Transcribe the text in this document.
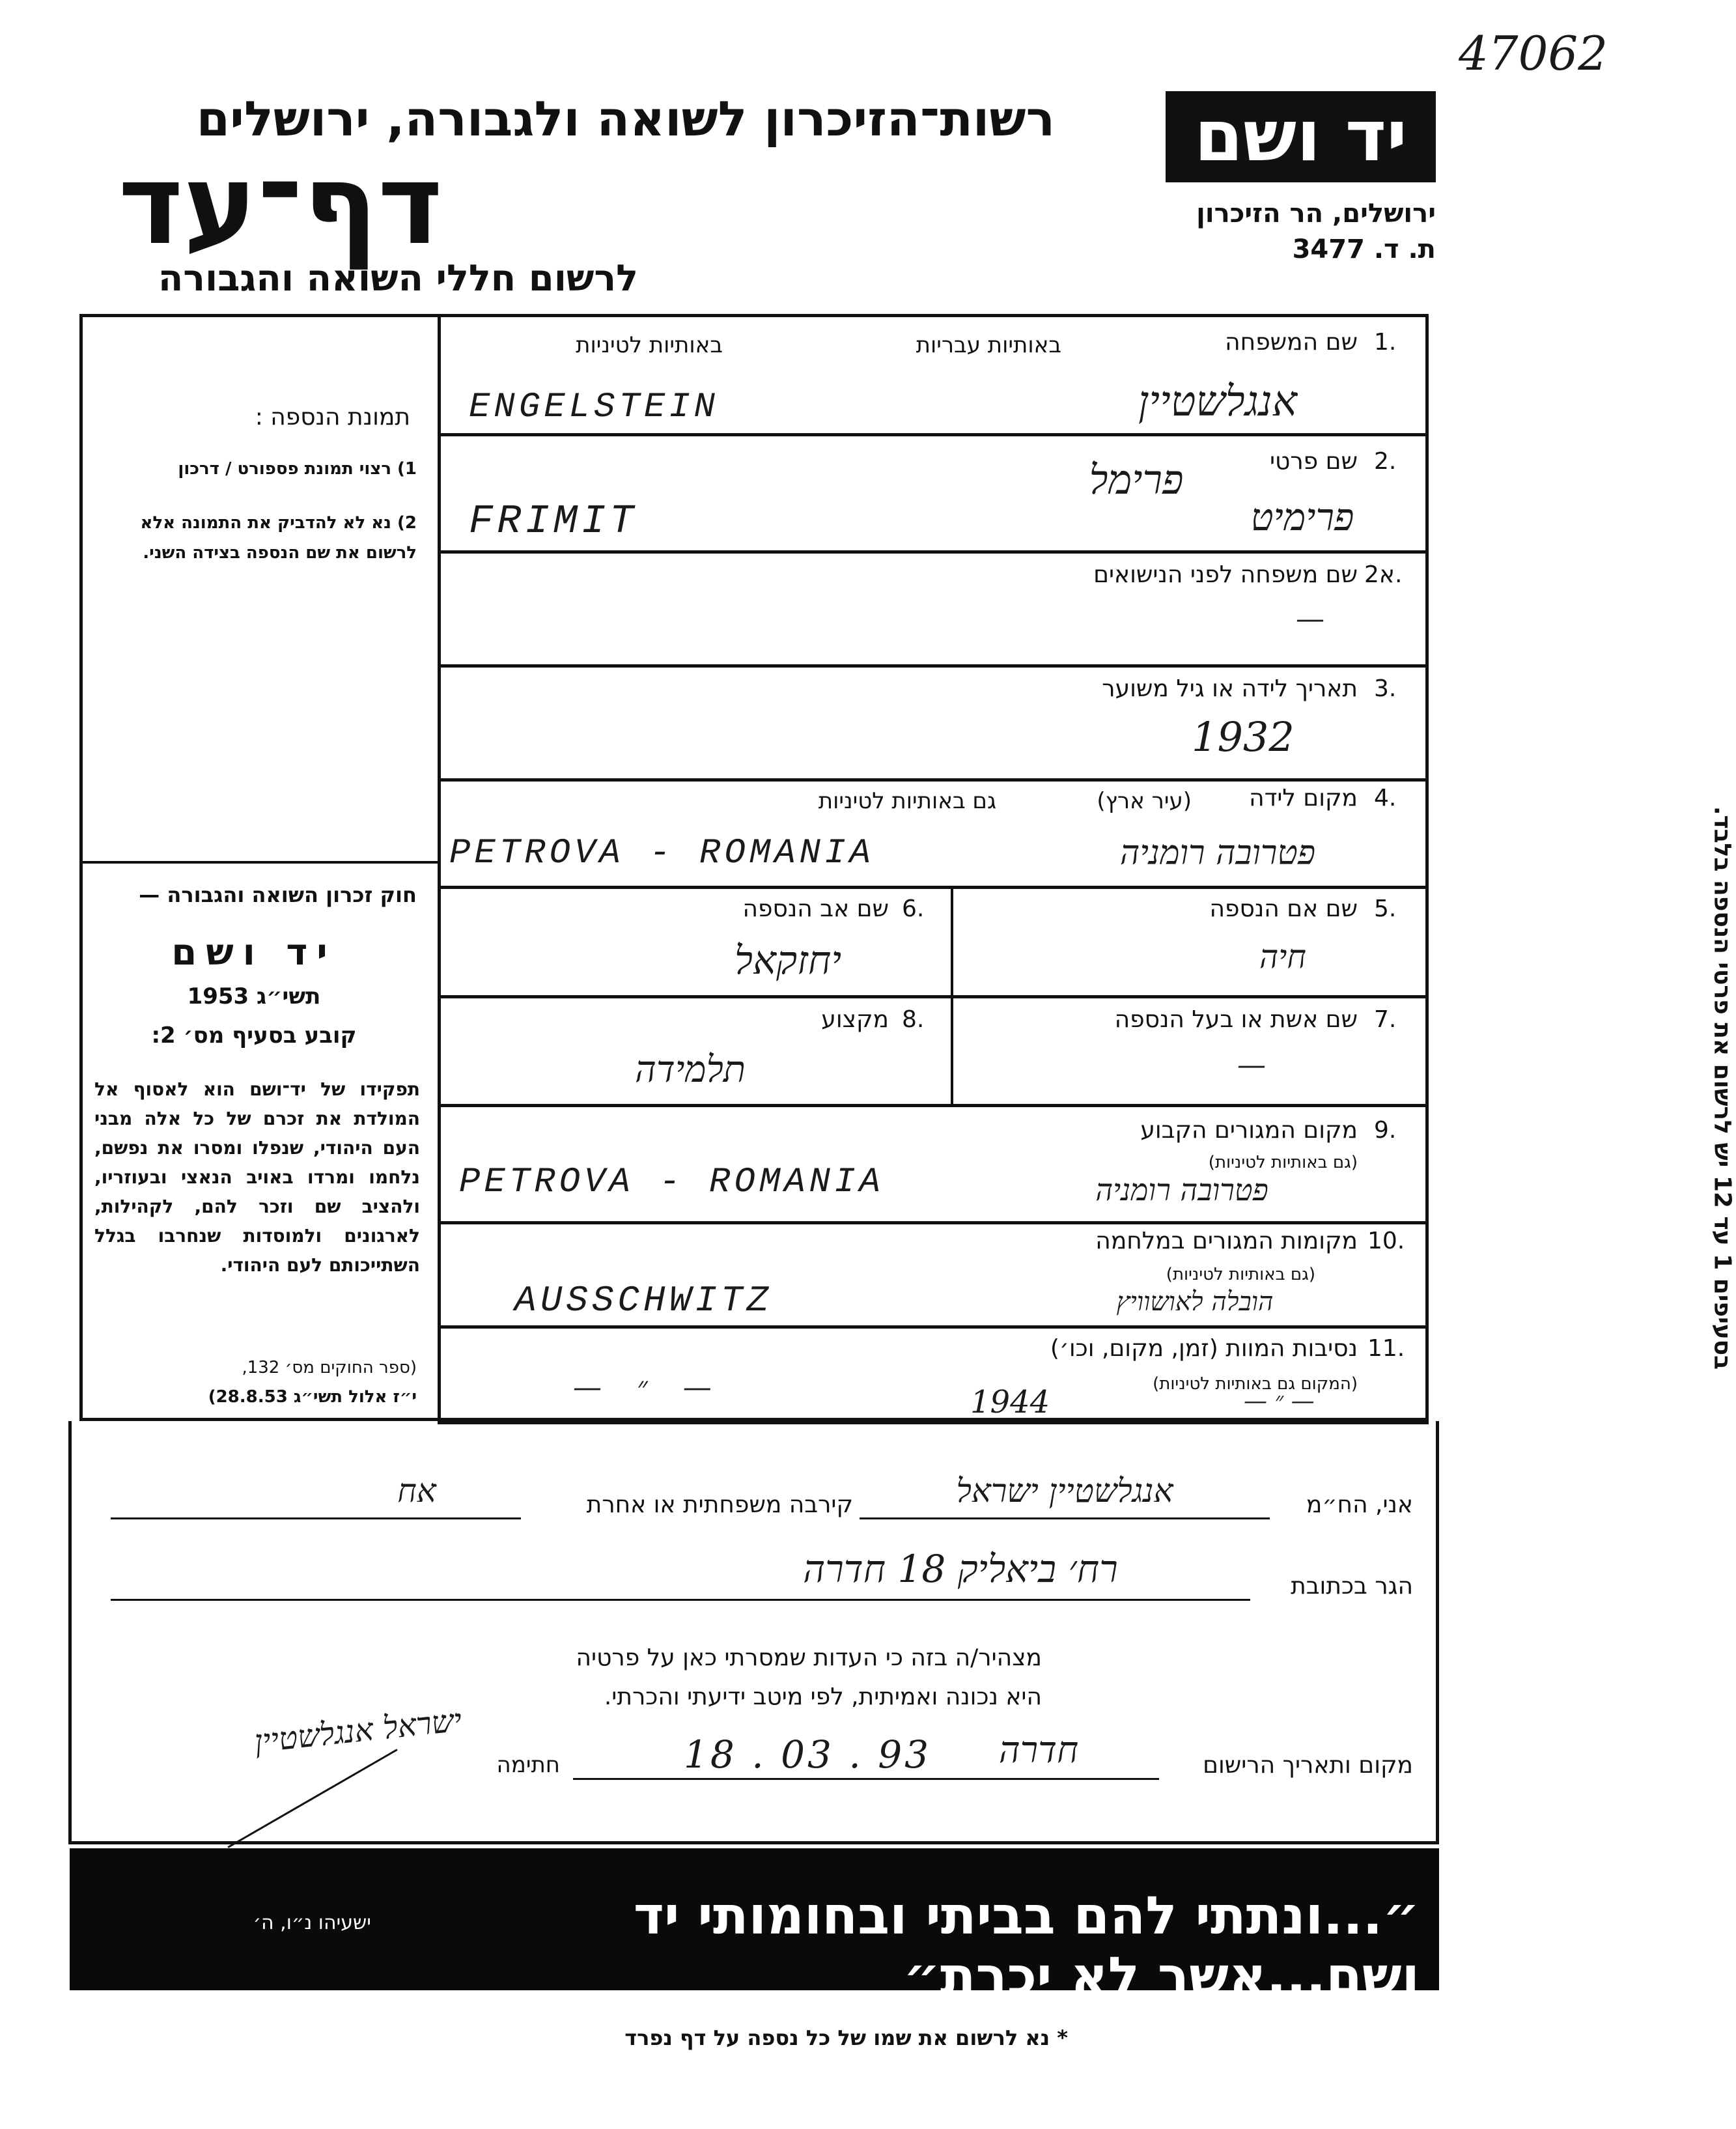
47062
יד ושם
ירושלים, הר הזיכרון
ת. ד. 3477
רשות־הזיכרון לשואה ולגבורה, ירושלים
דף־עד
לרשום חללי השואה והגבורה
תמונת הנספה :
1) רצוי תמונת פספורט / דרכון
2) נא לא להדביק את התמונה אלא לרשום את שם הנספה בצידה השני.
חוק זכרון השואה והגבורה —
יד ושם
תשי״ג 1953
קובע בסעיף מס׳ 2:
תפקידו של יד־ושם הוא לאסוף אל המולדת את זכרם של כל אלה מבני העם היהודי, שנפלו ומסרו את נפשם, נלחמו ומרדו באויב הנאצי ובעוזריו, ולהציב שם וזכר להם, לקהילות, לארגונים ולמוסדות שנחרבו בגלל השתייכותם לעם היהודי.
(ספר החוקים מס׳ 132,
י״ז אלול תשי״ג 28.8.53)
1.
שם המשפחה
באותיות עבריות
באותיות לטיניות
ENGELSTEIN	אנגלשטיין
2.
שם פרטי
FRIMIT	פרימיט
פרימל
2א.
שם משפחה לפני הנישואים
—
3.
תאריך לידה או גיל משוער
1932
4.
מקום לידה
(עיר ארץ)
גם באותיות לטיניות
PETROVA - ROMANIA	פטרובה רומניה
5.
שם אם הנספה
חיה
6.
שם אב הנספה
יחזקאל
7.
שם אשת או בעל הנספה
—
8.
מקצוע
תלמידה
9.
מקום המגורים הקבוע
(גם באותיות לטיניות)
PETROVA - ROMANIA	פטרובה רומניה
10.
מקומות המגורים במלחמה
(גם באותיות לטיניות)
AUSSCHWITZ	הובלה לאושוויץ
11.
נסיבות המוות (זמן, מקום, וכו׳)
(המקום גם באותיות לטיניות)
— ״ —	1944	— ״ —
בסעיפים 1 עד 12 יש לרשום את פרטי הנספה בלבד.
אני, הח״מ
אנגלשטיין ישראל
קירבה משפחתית או אחרת
אח
הגר בכתובת
רח׳ ביאליק 18 חדרה
מצהיר/ה בזה כי העדות שמסרתי כאן על פרטיה
היא נכונה ואמיתית, לפי מיטב ידיעתי והכרתי.
מקום ותאריך הרישום
חדרה
18 . 03 . 93
חתימה
ישראל אנגלשטיין
״...ונתתי להם בביתי ובחומותי יד ושם...אשר לא יכרת״
ישעיהו נ״ו, ה׳
* נא לרשום את שמו של כל נספה על דף נפרד
